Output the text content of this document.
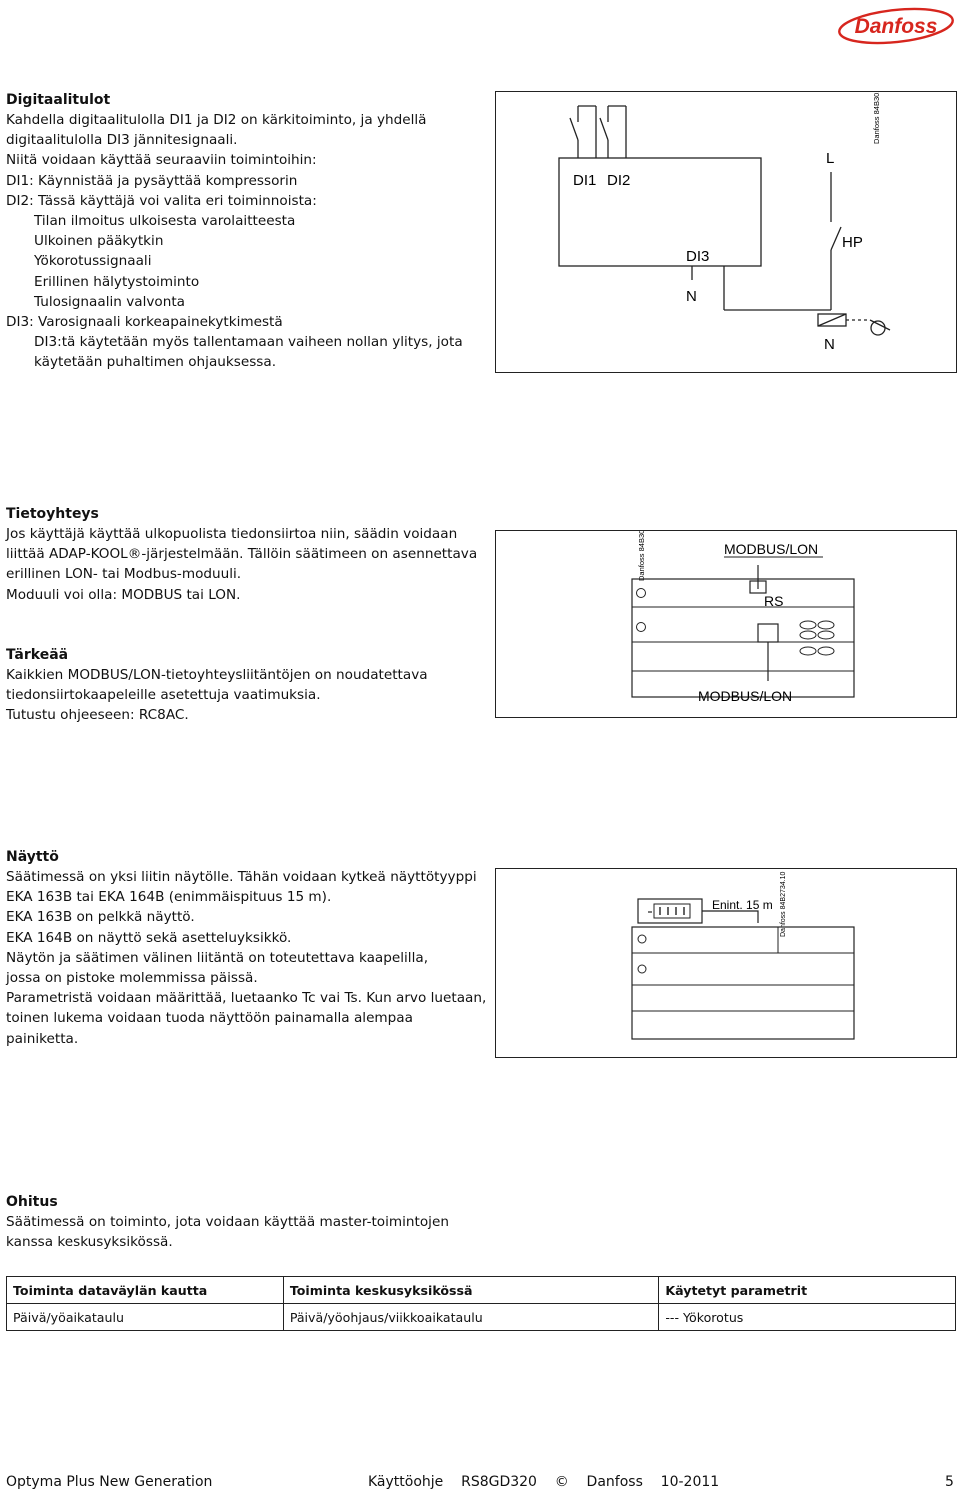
Danfoss
Digitaalitulot
Kahdella digitaalitulolla DI1 ja DI2 on kärkitoiminto, ja yhdellä
digitaalitulolla DI3 jännitesignaali.
Niitä voidaan käyttää seuraaviin toimintoihin:
DI1: Käynnistää ja pysäyttää kompressorin
DI2: Tässä käyttäjä voi valita eri toiminnoista:
Tilan ilmoitus ulkoisesta varolaitteesta
Ulkoinen pääkytkin
Yökorotussignaali
Erillinen hälytystoiminto
Tulosignaalin valvonta
DI3: Varosignaali korkeapainekytkimestä
DI3:tä käytetään myös tallentamaan vaiheen nollan ylitys, jota
käytetään puhaltimen ohjauksessa.
DI1 DI2
DI3
N
L
HP
N
Danfoss 84B3017.11
Tietoyhteys
Jos käyttäjä käyttää ulkopuolista tiedonsiirtoa niin, säädin voidaan
liittää ADAP-KOOL®-järjestelmään. Tällöin säätimeen on asennettava
erillinen LON- tai Modbus-moduuli.
Moduuli voi olla: MODBUS tai LON.
Tärkeää
Kaikkien MODBUS/LON-tietoyhteysliitäntöjen on noudatettava
tiedonsiirtokaapeleille asetettuja vaatimuksia.
Tutustu ohjeeseen: RC8AC.
Danfoss 84B3018.11	MODBUS/LON
RS
MODBUS/LON
Näyttö
Säätimessä on yksi liitin näytölle. Tähän voidaan kytkeä näyttötyyppi
EKA 163B tai EKA 164B (enimmäispituus 15 m).
EKA 163B on pelkkä näyttö.
EKA 164B on näyttö sekä asetteluyksikkö.
Näytön ja säätimen välinen liitäntä on toteutettava kaapelilla,
jossa on pistoke molemmissa päissä.
Parametristä voidaan määrittää, luetaanko Tc vai Ts. Kun arvo luetaan,
toinen lukema voidaan tuoda näyttöön painamalla alempaa
painiketta.
Enint. 15 m Danfoss 84B2734.10
Ohitus
Säätimessä on toiminto, jota voidaan käyttää master-toimintojen
kanssa keskusyksikössä.
Toiminta dataväylän kautta	Toiminta keskusyksikössä	Käytetyt parametrit
Päivä/yöaikataulu	Päivä/yöohjaus/viikkoaikataulu	--- Yökorotus
Optyma Plus New Generation	Käyttöohje    RS8GD320    ©    Danfoss    10-2011	5
